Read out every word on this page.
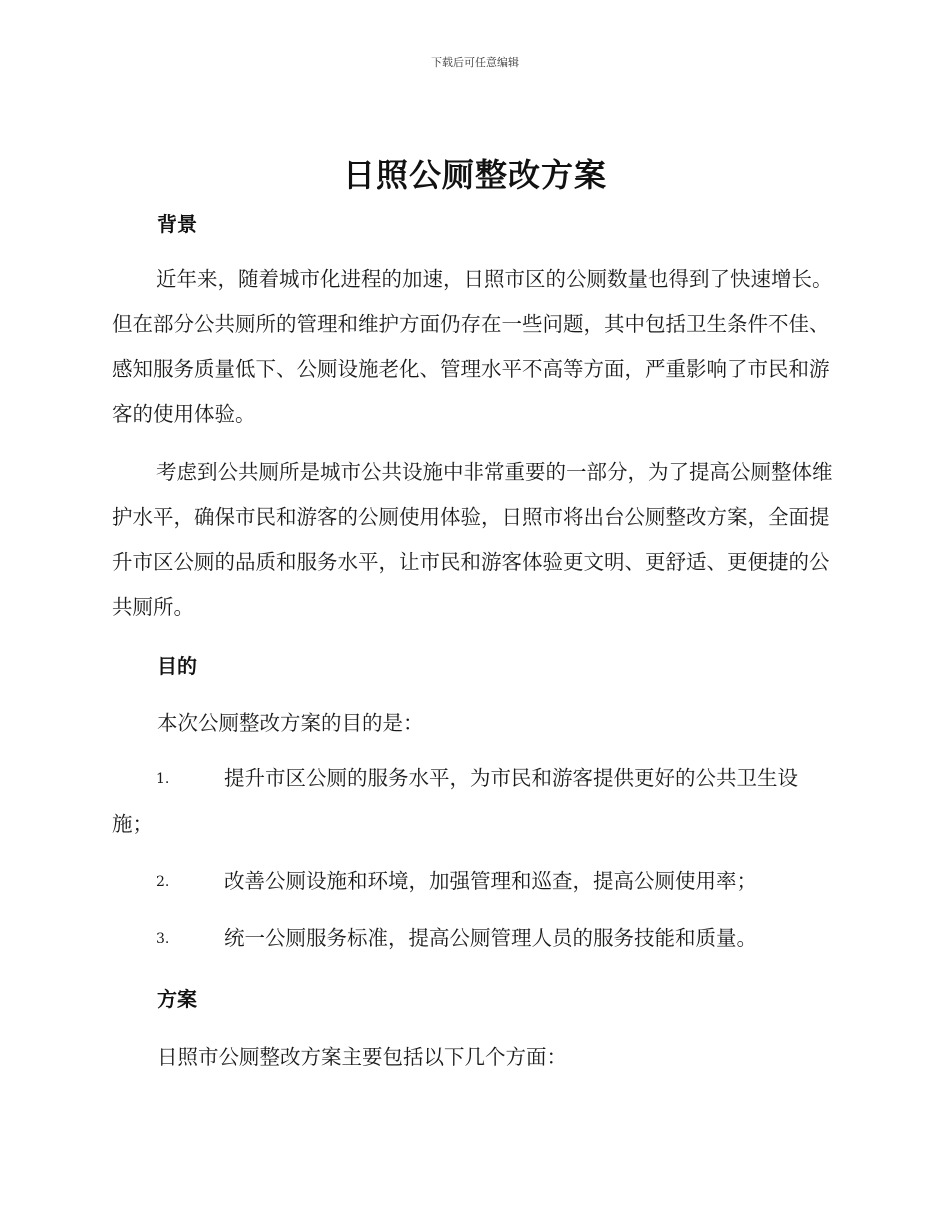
下载后可任意编辑
日照公厕整改方案
背景
近年来，随着城市化进程的加速，日照市区的公厕数量也得到了快速增长。但在部分公共厕所的管理和维护方面仍存在一些问题，其中包括卫生条件不佳、感知服务质量低下、公厕设施老化、管理水平不高等方面，严重影响了市民和游客的使用体验。
考虑到公共厕所是城市公共设施中非常重要的一部分，为了提高公厕整体维护水平，确保市民和游客的公厕使用体验，日照市将出台公厕整改方案，全面提升市区公厕的品质和服务水平，让市民和游客体验更文明、更舒适、更便捷的公共厕所。
目的
本次公厕整改方案的目的是：
1.	提升市区公厕的服务水平，为市民和游客提供更好的公共卫生设施；
2.	改善公厕设施和环境，加强管理和巡查，提高公厕使用率；
3.	统一公厕服务标准，提高公厕管理人员的服务技能和质量。
方案
日照市公厕整改方案主要包括以下几个方面：
